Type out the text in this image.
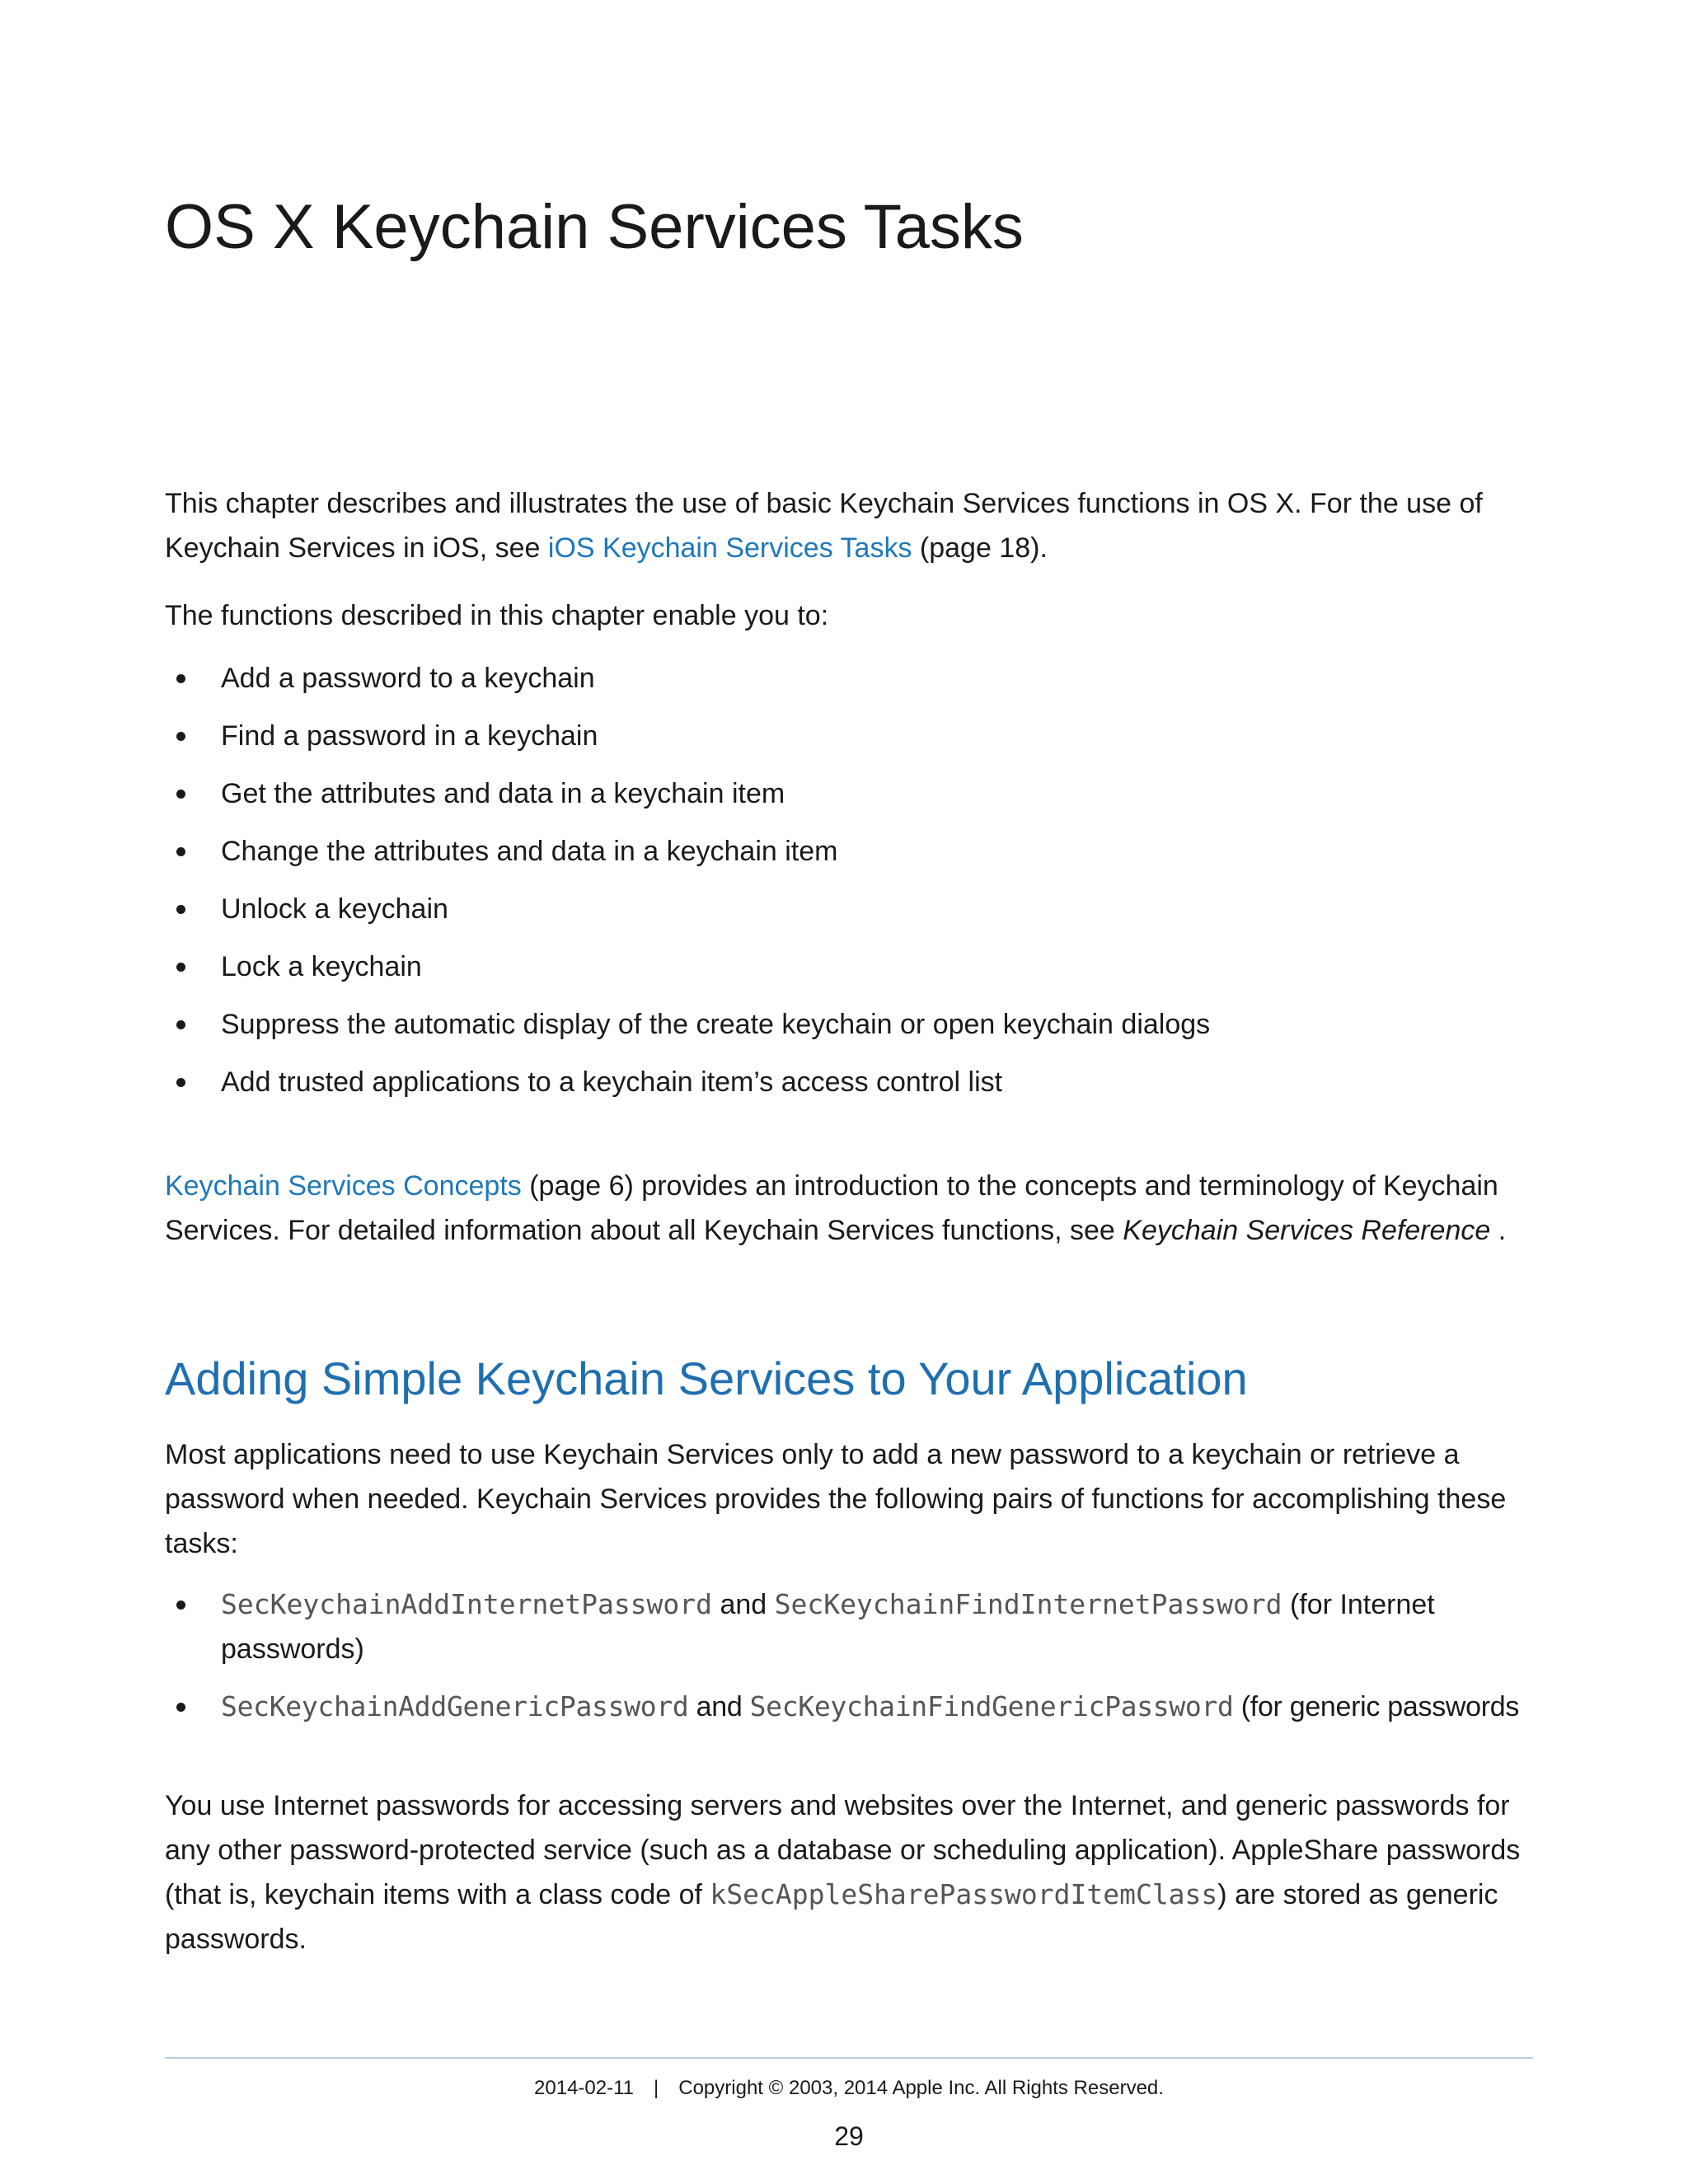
OS X Keychain Services Tasks

This chapter describes and illustrates the use of basic Keychain Services functions in OS X. For the use of Keychain Services in iOS, see iOS Keychain Services Tasks (page 18).

The functions described in this chapter enable you to:

Add a password to a keychain
Find a password in a keychain
Get the attributes and data in a keychain item
Change the attributes and data in a keychain item
Unlock a keychain
Lock a keychain
Suppress the automatic display of the create keychain or open keychain dialogs
Add trusted applications to a keychain item’s access control list

Keychain Services Concepts (page 6) provides an introduction to the concepts and terminology of Keychain Services. For detailed information about all Keychain Services functions, see Keychain Services Reference .

Adding Simple Keychain Services to Your Application

Most applications need to use Keychain Services only to add a new password to a keychain or retrieve a password when needed. Keychain Services provides the following pairs of functions for accomplishing these tasks:

SecKeychainAddInternetPassword and SecKeychainFindInternetPassword (for Internet passwords)
SecKeychainAddGenericPassword and SecKeychainFindGenericPassword (for generic passwords

You use Internet passwords for accessing servers and websites over the Internet, and generic passwords for any other password-protected service (such as a database or scheduling application). AppleShare passwords (that is, keychain items with a class code of kSecAppleSharePasswordItemClass) are stored as generic passwords.

2014-02-11 | Copyright © 2003, 2014 Apple Inc. All Rights Reserved.
29
